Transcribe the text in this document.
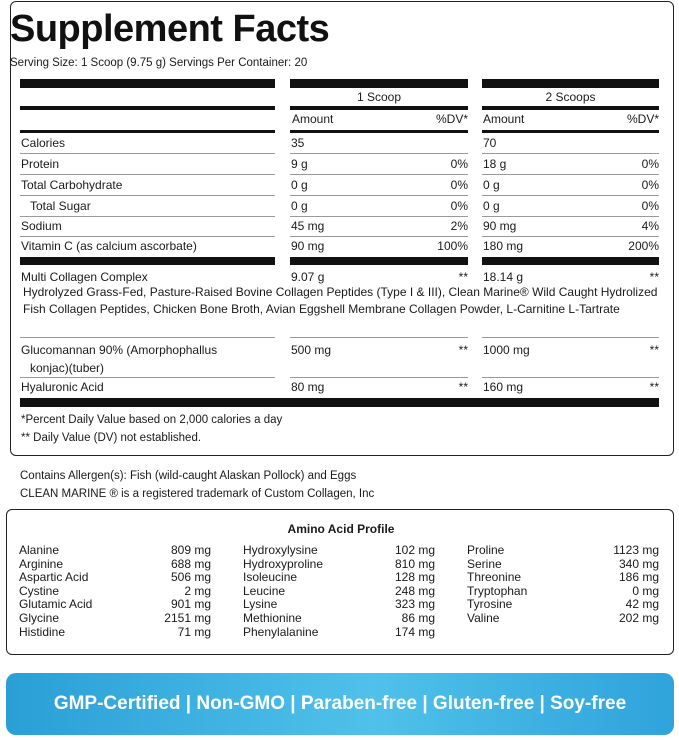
Supplement Facts
Serving Size: 1 Scoop (9.75 g) Servings Per Container: 20
1 Scoop	2 Scoops
Amount	%DV* Amount	%DV*
Calories	35	70
Protein	9 g	0% 18 g	0%
Total Carbohydrate	0 g	0% 0 g	0%
Total Sugar	0 g	0% 0 g	0%
Sodium	45 mg	2% 90 mg	4%
Vitamin C (as calcium ascorbate)	90 mg	100% 180 mg	200%
Multi Collagen Complex	9.07 g	** 18.14 g	**
Hydrolyzed Grass-Fed, Pasture-Raised Bovine Collagen Peptides (Type I & III), Clean Marine® Wild Caught Hydrolized Fish Collagen Peptides, Chicken Bone Broth, Avian Eggshell Membrane Collagen Powder, L-Carnitine L-Tartrate
Glucomannan 90% (Amorphophallus
konjac)(tuber)
500 mg	** 1000 mg	**
Hyaluronic Acid	80 mg	** 160 mg	**
*Percent Daily Value based on 2,000 calories a day
** Daily Value (DV) not established.
Contains Allergen(s): Fish (wild-caught Alaskan Pollock) and Eggs
CLEAN MARINE ® is a registered trademark of Custom Collagen, Inc
Amino Acid Profile
Alanine	809 mg
Arginine	688 mg
Aspartic Acid	506 mg
Cystine	2 mg
Glutamic Acid	901 mg
Glycine	2151 mg
Histidine	71 mg
Hydroxylysine	102 mg
Hydroxyproline	810 mg
Isoleucine	128 mg
Leucine	248 mg
Lysine	323 mg
Methionine	86 mg
Phenylalanine	174 mg
Proline	1123 mg
Serine	340 mg
Threonine	186 mg
Tryptophan	0 mg
Tyrosine	42 mg
Valine	202 mg
GMP-Certified | Non-GMO | Paraben-free | Gluten-free | Soy-free
